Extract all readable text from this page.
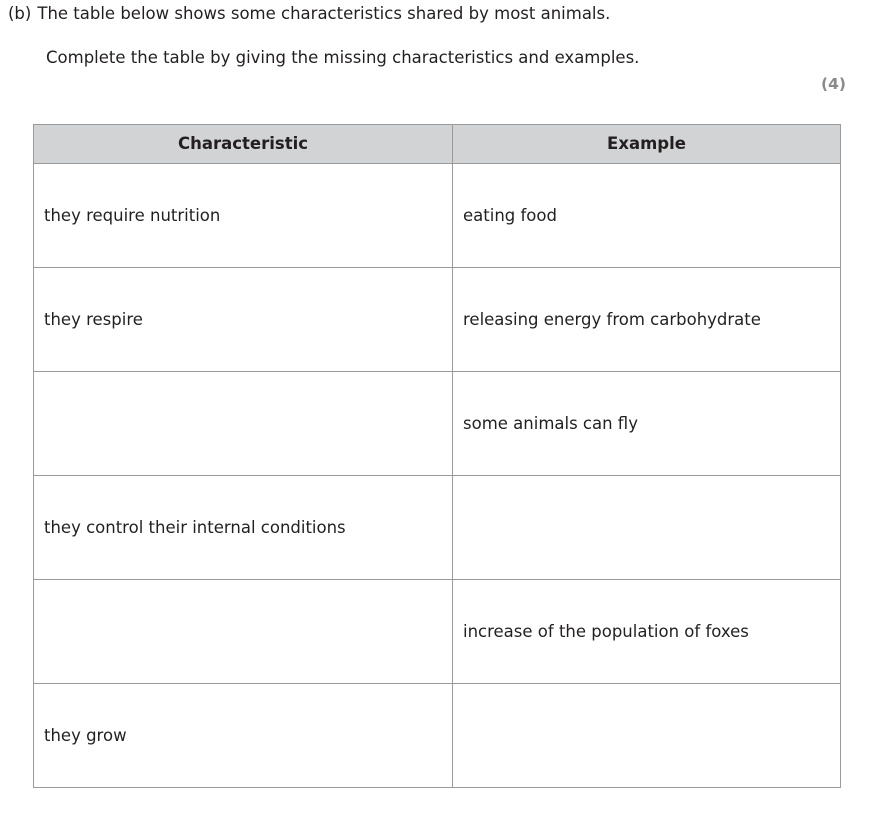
(b) The table below shows some characteristics shared by most animals.
Complete the table by giving the missing characteristics and examples.
(4)
Characteristic	Example
they require nutrition	eating food
they respire	releasing energy from carbohydrate
	some animals can fly
they control their internal conditions	
	increase of the population of foxes
they grow	
